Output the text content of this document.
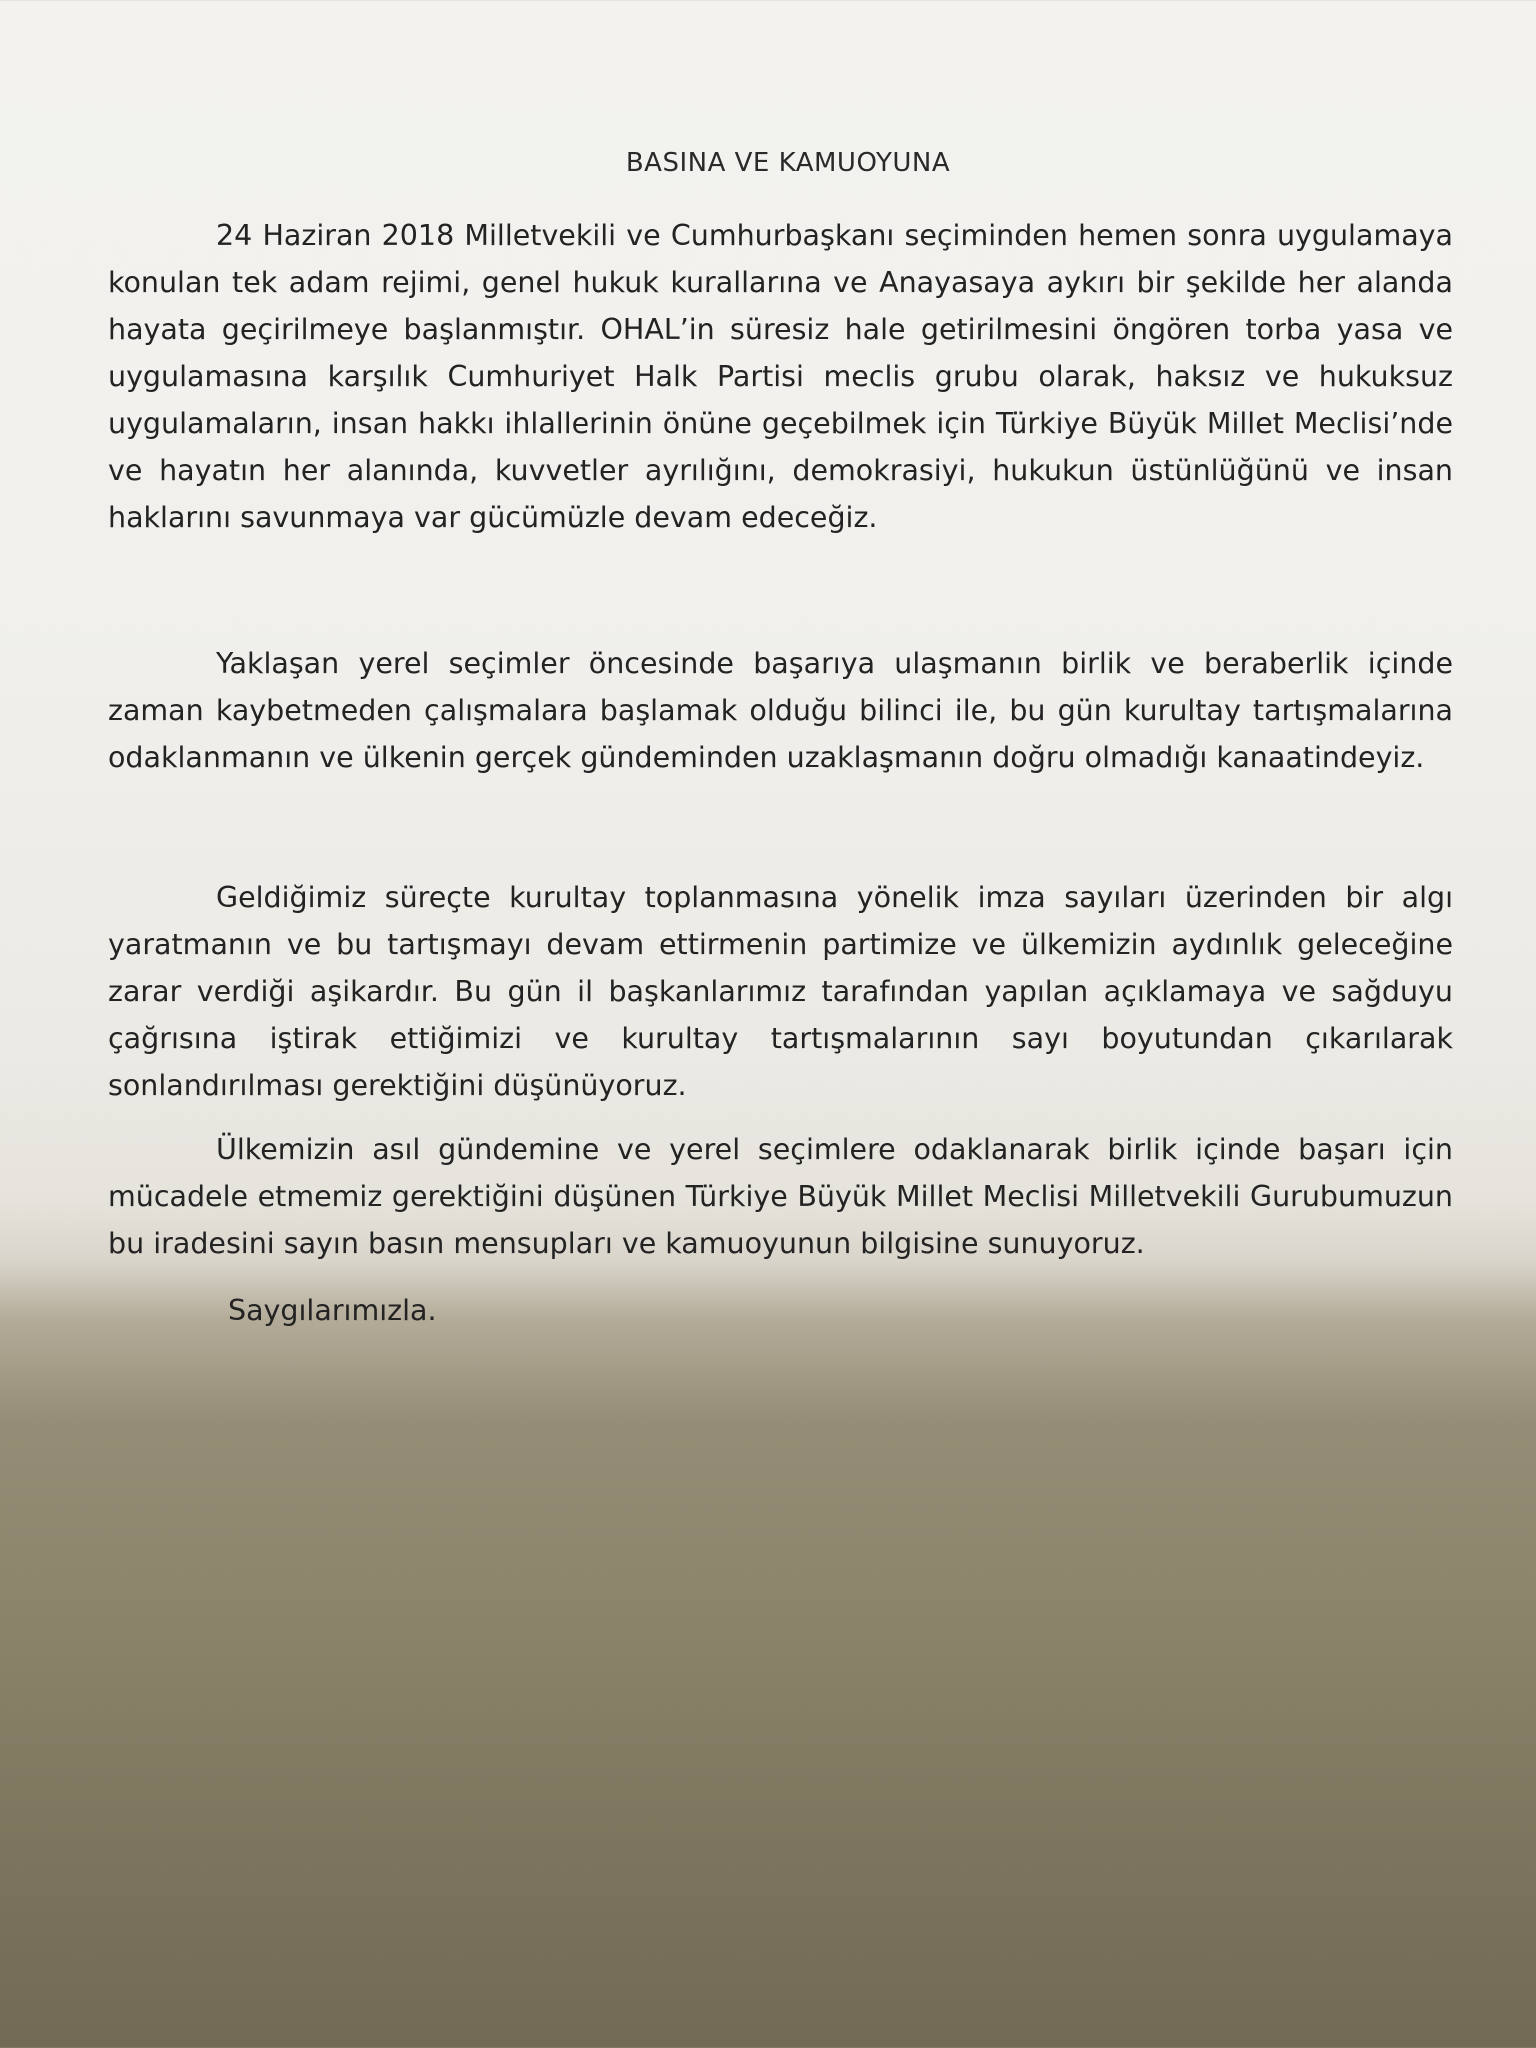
BASINA VE KAMUOYUNA
24 Haziran 2018 Milletvekili ve Cumhurbaşkanı seçiminden hemen sonra uygulamaya konulan tek adam rejimi, genel hukuk kurallarına ve Anayasaya aykırı bir şekilde her alanda hayata geçirilmeye başlanmıştır. OHAL’in süresiz hale getirilmesini öngören torba yasa ve uygulamasına karşılık Cumhuriyet Halk Partisi meclis grubu olarak, haksız ve hukuksuz uygulamaların, insan hakkı ihlallerinin önüne geçebilmek için Türkiye Büyük Millet Meclisi’nde ve hayatın her alanında, kuvvetler ayrılığını, demokrasiyi, hukukun üstünlüğünü ve insan haklarını savunmaya var gücümüzle devam edeceğiz.
Yaklaşan yerel seçimler öncesinde başarıya ulaşmanın birlik ve beraberlik içinde zaman kaybetmeden çalışmalara başlamak olduğu bilinci ile, bu gün kurultay tartışmalarına odaklanmanın ve ülkenin gerçek gündeminden uzaklaşmanın doğru olmadığı kanaatindeyiz.
Geldiğimiz süreçte kurultay toplanmasına yönelik imza sayıları üzerinden bir algı yaratmanın ve bu tartışmayı devam ettirmenin partimize ve ülkemizin aydınlık geleceğine zarar verdiği aşikardır. Bu gün il başkanlarımız tarafından yapılan açıklamaya ve sağduyu çağrısına iştirak ettiğimizi ve kurultay tartışmalarının sayı boyutundan çıkarılarak sonlandırılması gerektiğini düşünüyoruz.
Ülkemizin asıl gündemine ve yerel seçimlere odaklanarak birlik içinde başarı için mücadele etmemiz gerektiğini düşünen Türkiye Büyük Millet Meclisi Milletvekili Gurubumuzun bu iradesini sayın basın mensupları ve kamuoyunun bilgisine sunuyoruz.
Saygılarımızla.
